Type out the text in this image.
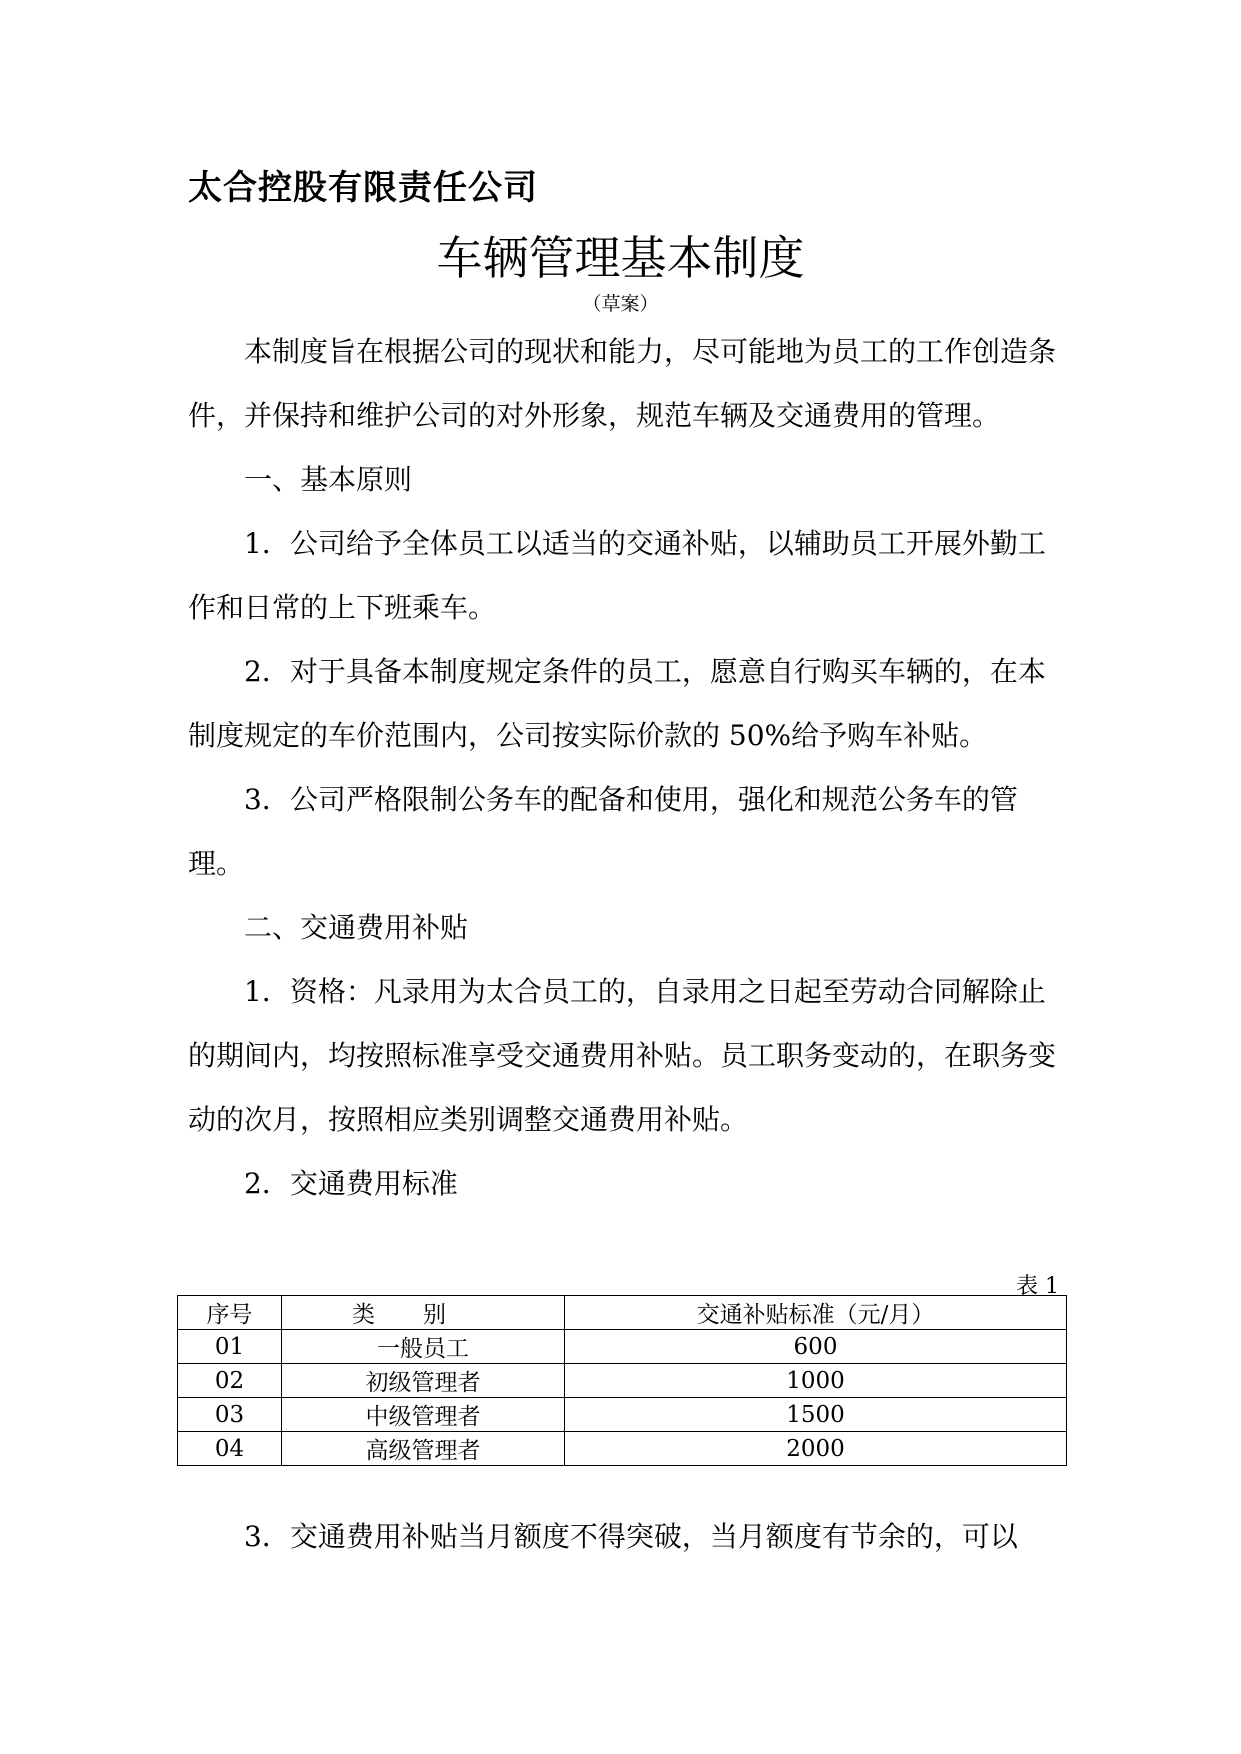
太合控股有限责任公司
车辆管理基本制度
（草案）

本制度旨在根据公司的现状和能力，尽可能地为员工的工作创造条件，并保持和维护公司的对外形象，规范车辆及交通费用的管理。

一、基本原则

1．公司给予全体员工以适当的交通补贴，以辅助员工开展外勤工作和日常的上下班乘车。

2．对于具备本制度规定条件的员工，愿意自行购买车辆的，在本制度规定的车价范围内，公司按实际价款的 50%给予购车补贴。

3．公司严格限制公务车的配备和使用，强化和规范公务车的管理。

二、交通费用补贴

1．资格：凡录用为太合员工的，自录用之日起至劳动合同解除止的期间内，均按照标准享受交通费用补贴。员工职务变动的，在职务变动的次月，按照相应类别调整交通费用补贴。

2．交通费用标准

表 1
序号	类别	交通补贴标准（元/月）
01	一般员工	600
02	初级管理者	1000
03	中级管理者	1500
04	高级管理者	2000

3．交通费用补贴当月额度不得突破，当月额度有节余的，可以
